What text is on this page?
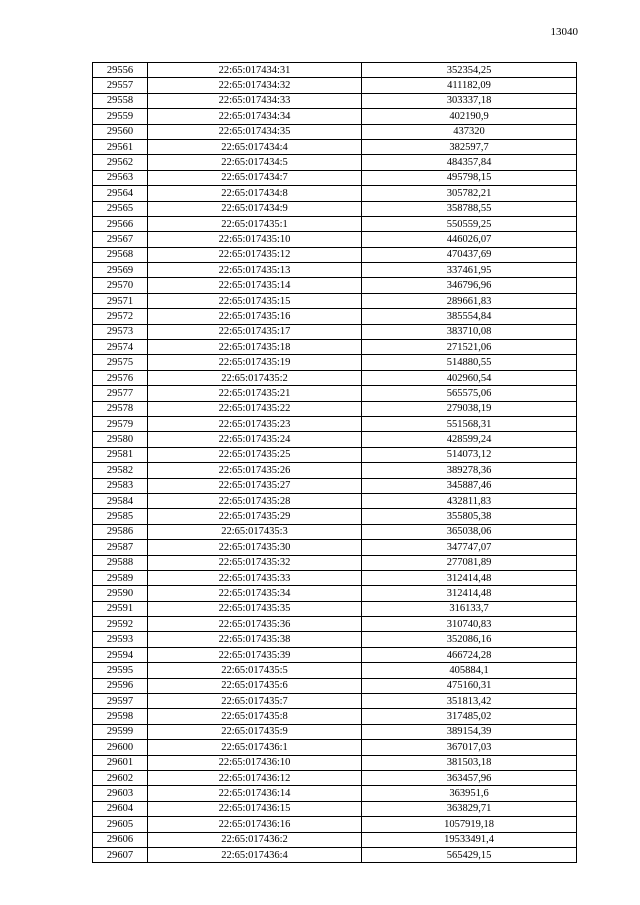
13040
29556	22:65:017434:31	352354,25
29557	22:65:017434:32	411182,09
29558	22:65:017434:33	303337,18
29559	22:65:017434:34	402190,9
29560	22:65:017434:35	437320
29561	22:65:017434:4	382597,7
29562	22:65:017434:5	484357,84
29563	22:65:017434:7	495798,15
29564	22:65:017434:8	305782,21
29565	22:65:017434:9	358788,55
29566	22:65:017435:1	550559,25
29567	22:65:017435:10	446026,07
29568	22:65:017435:12	470437,69
29569	22:65:017435:13	337461,95
29570	22:65:017435:14	346796,96
29571	22:65:017435:15	289661,83
29572	22:65:017435:16	385554,84
29573	22:65:017435:17	383710,08
29574	22:65:017435:18	271521,06
29575	22:65:017435:19	514880,55
29576	22:65:017435:2	402960,54
29577	22:65:017435:21	565575,06
29578	22:65:017435:22	279038,19
29579	22:65:017435:23	551568,31
29580	22:65:017435:24	428599,24
29581	22:65:017435:25	514073,12
29582	22:65:017435:26	389278,36
29583	22:65:017435:27	345887,46
29584	22:65:017435:28	432811,83
29585	22:65:017435:29	355805,38
29586	22:65:017435:3	365038,06
29587	22:65:017435:30	347747,07
29588	22:65:017435:32	277081,89
29589	22:65:017435:33	312414,48
29590	22:65:017435:34	312414,48
29591	22:65:017435:35	316133,7
29592	22:65:017435:36	310740,83
29593	22:65:017435:38	352086,16
29594	22:65:017435:39	466724,28
29595	22:65:017435:5	405884,1
29596	22:65:017435:6	475160,31
29597	22:65:017435:7	351813,42
29598	22:65:017435:8	317485,02
29599	22:65:017435:9	389154,39
29600	22:65:017436:1	367017,03
29601	22:65:017436:10	381503,18
29602	22:65:017436:12	363457,96
29603	22:65:017436:14	363951,6
29604	22:65:017436:15	363829,71
29605	22:65:017436:16	1057919,18
29606	22:65:017436:2	19533491,4
29607	22:65:017436:4	565429,15
